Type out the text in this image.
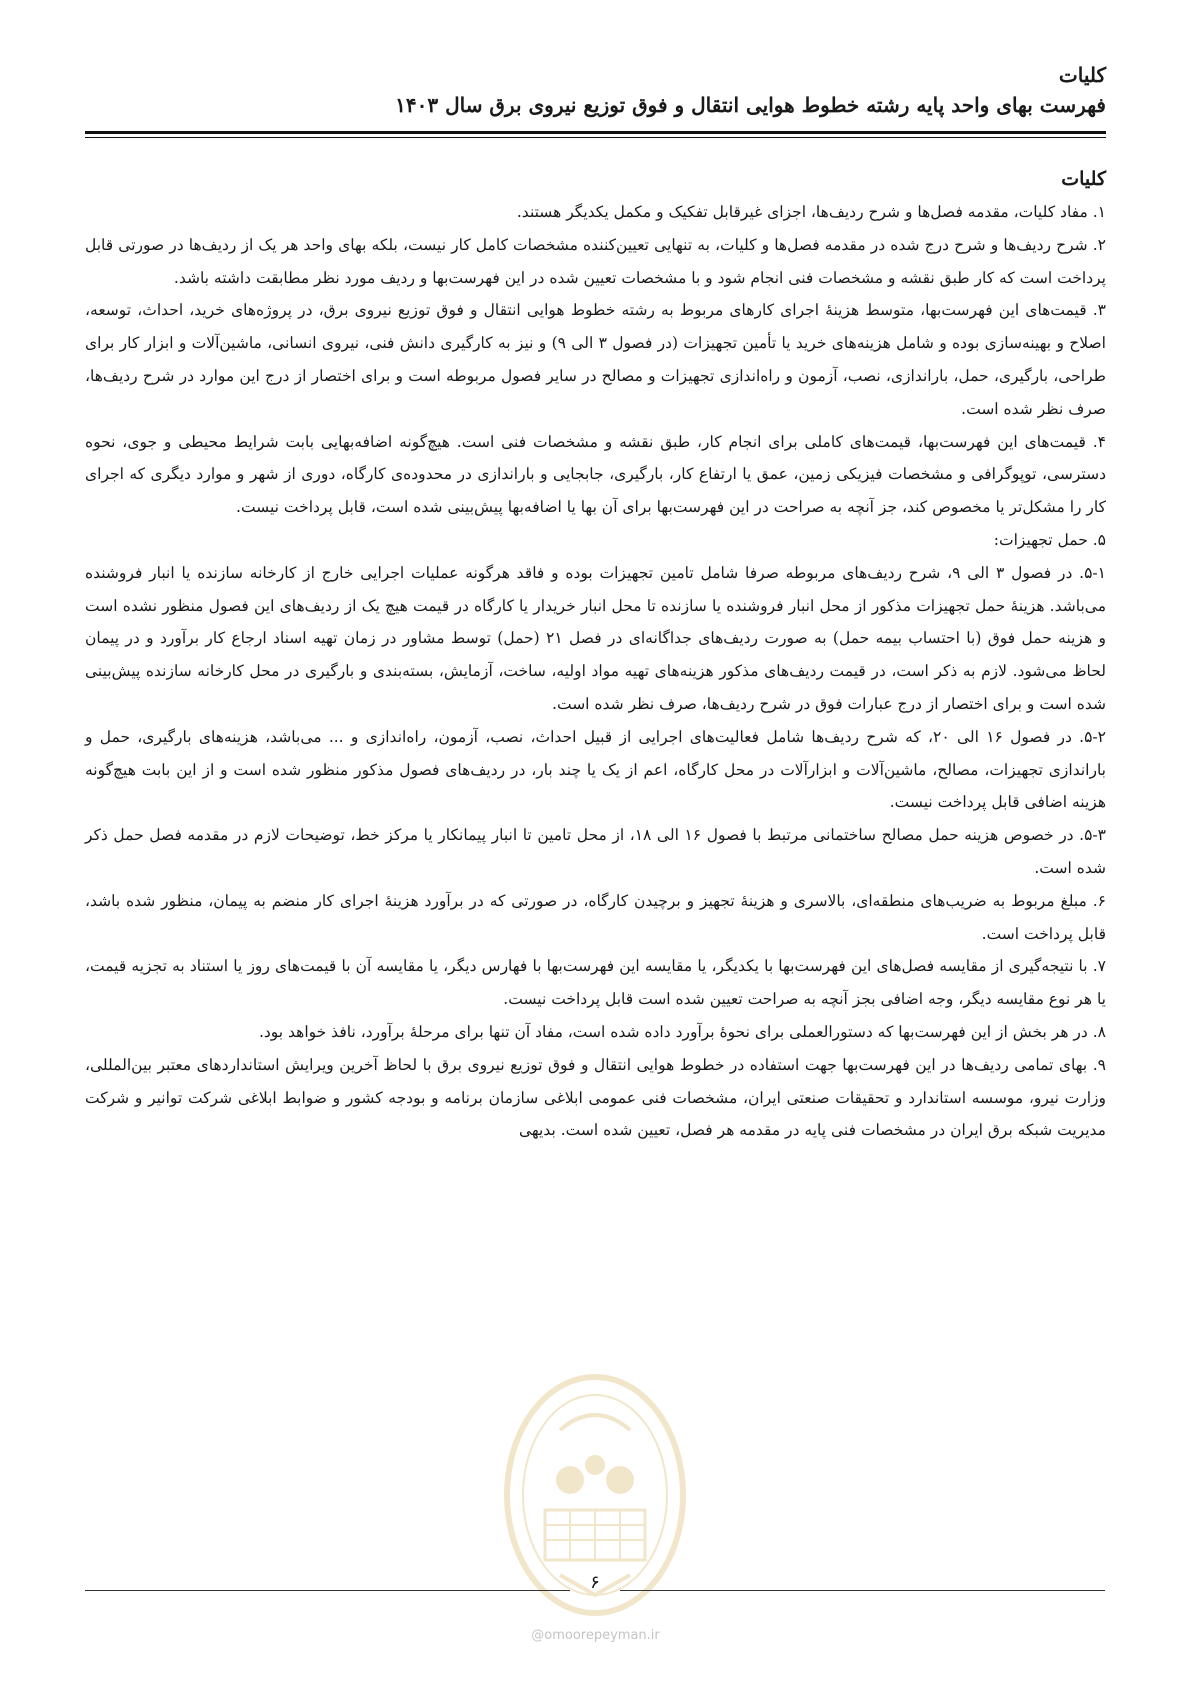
کلیات
فهرست بهای واحد پایه رشته خطوط هوایی انتقال و فوق توزیع نیروی برق سال ۱۴۰۳
کلیات

۱. مفاد کلیات، مقدمه فصل‌ها و شرح ردیف‌ها، اجزای غیرقابل تفکیک و مکمل یکدیگر هستند.

۲. شرح ردیف‌ها و شرح درج شده در مقدمه فصل‌ها و کلیات، به تنهایی تعیین‌کننده مشخصات کامل کار نیست، بلکه بهای واحد هر یک از ردیف‌ها در صورتی قابل پرداخت است که کار طبق نقشه و مشخصات فنی انجام شود و با مشخصات تعیین شده در این فهرست‌بها و ردیف مورد نظر مطابقت داشته باشد.

۳. قیمت‌های این فهرست‌بها، متوسط هزینهٔ اجرای کارهای مربوط به رشته خطوط هوایی انتقال و فوق توزیع نیروی برق، در پروژه‌های خرید، احداث، توسعه، اصلاح و بهینه‌سازی بوده و شامل هزینه‌های خرید یا تأمین تجهیزات (در فصول ۳ الی ۹) و نیز به کارگیری دانش فنی، نیروی انسانی، ماشین‌آلات و ابزار کار برای طراحی، بارگیری، حمل، باراندازی، نصب، آزمون و راه‌اندازی تجهیزات و مصالح در سایر فصول مربوطه است و برای اختصار از درج این موارد در شرح ردیف‌ها، صرف نظر شده است.

۴. قیمت‌های این فهرست‌بها، قیمت‌های کاملی برای انجام کار، طبق نقشه و مشخصات فنی است. هیچ‌گونه اضافه‌بهایی بابت شرایط محیطی و جوی، نحوه دسترسی، توپوگرافی و مشخصات فیزیکی زمین، عمق یا ارتفاع کار، بارگیری، جابجایی و باراندازی در محدوده‌ی کارگاه، دوری از شهر و موارد دیگری که اجرای کار را مشکل‌تر یا مخصوص کند، جز آنچه به صراحت در این فهرست‌بها برای آن بها یا اضافه‌بها پیش‌بینی شده است، قابل پرداخت نیست.

۵. حمل تجهیزات:

۵-۱. در فصول ۳ الی ۹، شرح ردیف‌های مربوطه صرفا شامل تامین تجهیزات بوده و فاقد هرگونه عملیات اجرایی خارج از کارخانه سازنده یا انبار فروشنده می‌باشد. هزینهٔ حمل تجهیزات مذکور از محل انبار فروشنده یا سازنده تا محل انبار خریدار یا کارگاه در قیمت هیچ یک از ردیف‌های این فصول منظور نشده است و هزینه حمل فوق (با احتساب بیمه حمل) به صورت ردیف‌های جداگانه‌ای در فصل ۲۱ (حمل) توسط مشاور در زمان تهیه اسناد ارجاع کار برآورد و در پیمان لحاظ می‌شود. لازم به ذکر است، در قیمت ردیف‌های مذکور هزینه‌های تهیه مواد اولیه، ساخت، آزمایش، بسته‌بندی و بارگیری در محل کارخانه سازنده پیش‌بینی شده است و برای اختصار از درج عبارات فوق در شرح ردیف‌ها، صرف نظر شده است.

۵-۲. در فصول ۱۶ الی ۲۰، که شرح ردیف‌ها شامل فعالیت‌های اجرایی از قبیل احداث، نصب، آزمون، راه‌اندازی و ... می‌باشد، هزینه‌های بارگیری، حمل و باراندازی تجهیزات، مصالح، ماشین‌آلات و ابزارآلات در محل کارگاه، اعم از یک یا چند بار، در ردیف‌های فصول مذکور منظور شده است و از این بابت هیچ‌گونه هزینه اضافی قابل پرداخت نیست.

۵-۳. در خصوص هزینه حمل مصالح ساختمانی مرتبط با فصول ۱۶ الی ۱۸، از محل تامین تا انبار پیمانکار یا مرکز خط، توضیحات لازم در مقدمه فصل حمل ذکر شده است.

۶. مبلغ مربوط به ضریب‌های منطقه‌ای، بالاسری و هزینهٔ تجهیز و برچیدن کارگاه، در صورتی که در برآورد هزینهٔ اجرای کار منضم به پیمان، منظور شده باشد، قابل پرداخت است.

۷. با نتیجه‌گیری از مقایسه فصل‌های این فهرست‌بها با یکدیگر، یا مقایسه این فهرست‌بها با فهارس دیگر، یا مقایسه آن با قیمت‌های روز یا استناد به تجزیه قیمت، یا هر نوع مقایسه دیگر، وجه اضافی بجز آنچه به صراحت تعیین شده است قابل پرداخت نیست.

۸. در هر بخش از این فهرست‌بها که دستورالعملی برای نحوهٔ برآورد داده شده است، مفاد آن تنها برای مرحلهٔ برآورد، نافذ خواهد بود.

۹. بهای تمامی ردیف‌ها در این فهرست‌بها جهت استفاده در خطوط هوایی انتقال و فوق توزیع نیروی برق با لحاظ آخرین ویرایش استانداردهای معتبر بین‌المللی، وزارت نیرو، موسسه استاندارد و تحقیقات صنعتی ایران، مشخصات فنی عمومی ابلاغی سازمان برنامه و بودجه کشور و ضوابط ابلاغی شرکت توانیر و شرکت مدیریت شبکه برق ایران در مشخصات فنی پایه در مقدمه هر فصل، تعیین شده است. بدیهی

۶
@omoorepeyman.ir
